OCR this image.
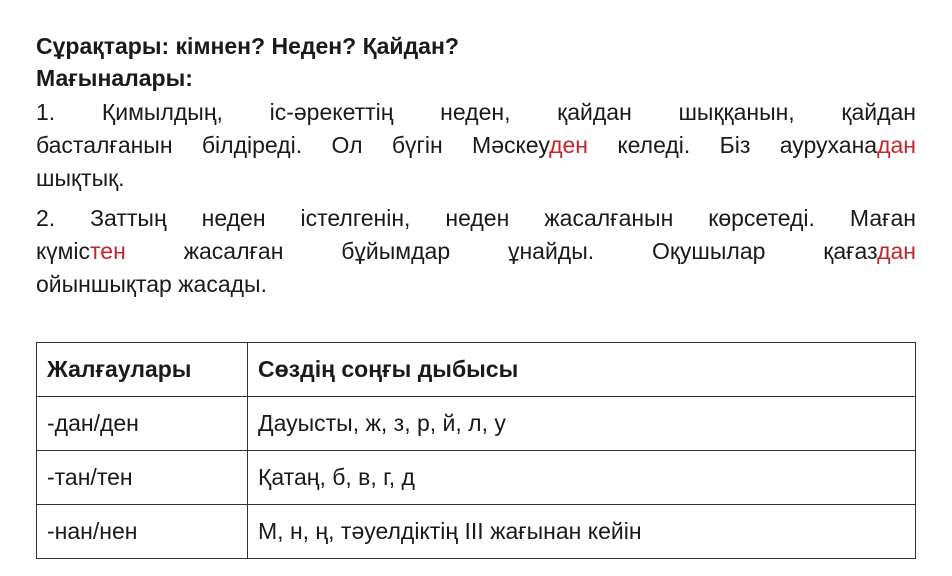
Сұрақтары: кімнен? Неден? Қайдан?
Мағыналары:
1. Қимылдың, іс-әрекеттің неден, қайдан шыққанын, қайдан
басталғанын білдіреді. Ол бүгін Мәскеуден келеді. Біз ауруханадан
шықтық.
2. Заттың неден істелгенін, неден жасалғанын көрсетеді. Маған
күмістен жасалған бұйымдар ұнайды. Оқушылар қағаздан
ойыншықтар жасады.
Жалғаулары	Сөздің соңғы дыбысы
-дан/ден	Дауысты, ж, з, р, й, л, у
-тан/тен	Қатаң, б, в, г, д
-нан/нен	М, н, ң, тәуелдіктің ІІІ жағынан кейін
